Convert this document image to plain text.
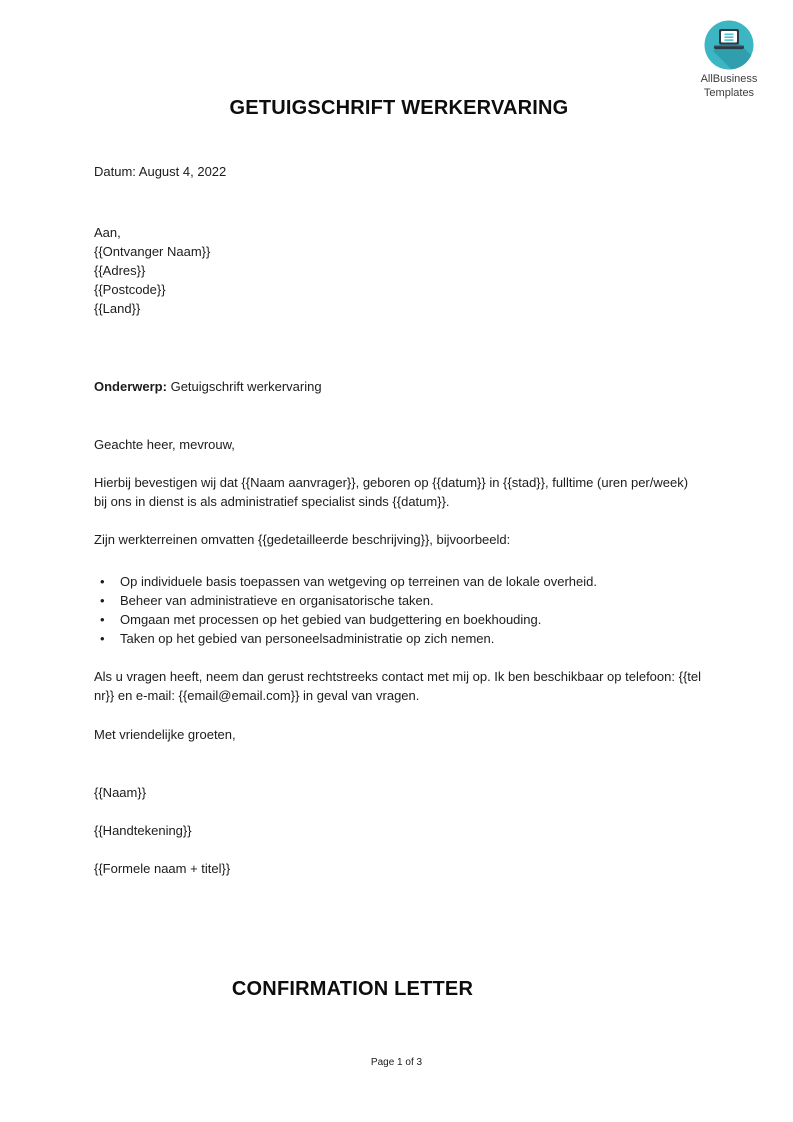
AllBusiness
Templates
GETUIGSCHRIFT WERKERVARING

Datum: August 4, 2022

Aan,

{{Ontvanger Naam}}

{{Adres}}

{{Postcode}}

{{Land}}

Onderwerp: Getuigschrift werkervaring

Geachte heer, mevrouw,

Hierbij bevestigen wij dat {{Naam aanvrager}}, geboren op {{datum}} in {{stad}}, fulltime (uren per/week) bij ons in dienst is als administratief specialist sinds {{datum}}.

Zijn werkterreinen omvatten {{gedetailleerde beschrijving}}, bijvoorbeeld:

• Op individuele basis toepassen van wetgeving op terreinen van de lokale overheid.
• Beheer van administratieve en organisatorische taken.
• Omgaan met processen op het gebied van budgettering en boekhouding.
• Taken op het gebied van personeelsadministratie op zich nemen.

Als u vragen heeft, neem dan gerust rechtstreeks contact met mij op. Ik ben beschikbaar op telefoon: {{tel nr}} en e-mail: {{email@email.com}} in geval van vragen.

Met vriendelijke groeten,

{{Naam}}

{{Handtekening}}

{{Formele naam + titel}}

CONFIRMATION LETTER
Page 1 of 3
